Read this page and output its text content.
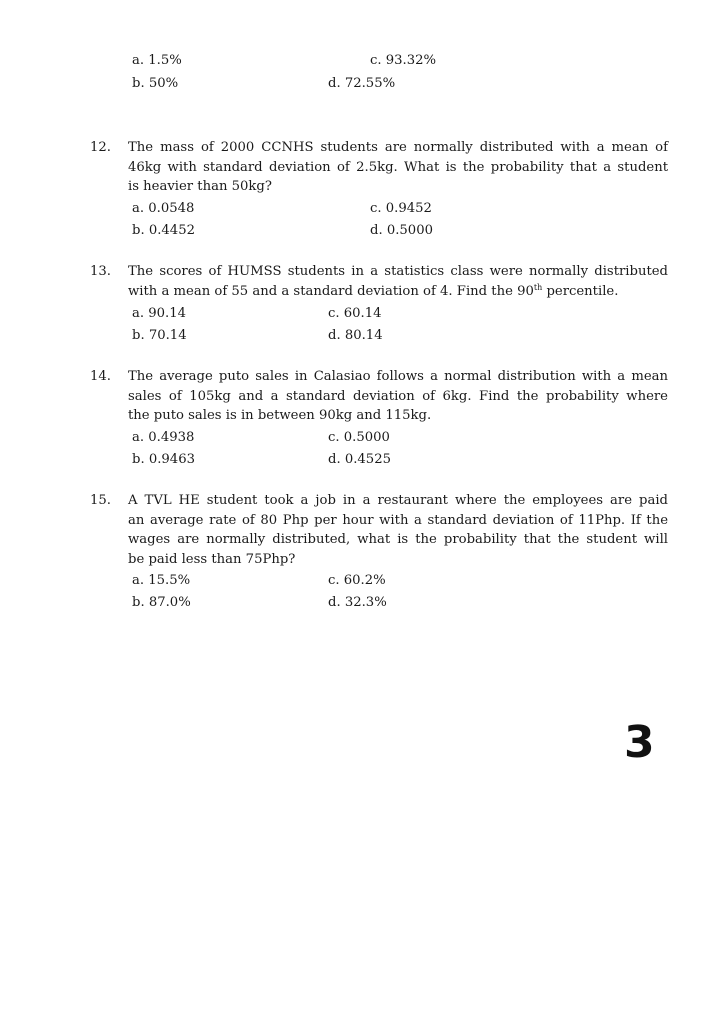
a. 1.5%
b. 50%
c. 93.32%
d. 72.55%
12. The mass of 2000 CCNHS students are normally distributed with a mean of
46kg with standard deviation of 2.5kg. What is the probability that a student
is heavier than 50kg?
a. 0.0548
b. 0.4452
c. 0.9452
d. 0.5000
13. The scores of HUMSS students in a statistics class were normally distributed
with a mean of 55 and a standard deviation of 4. Find the 90th percentile.
a. 90.14
b. 70.14
c. 60.14
d. 80.14
14. The average puto sales in Calasiao follows a normal distribution with a mean
sales of 105kg and a standard deviation of 6kg. Find the probability where
the puto sales is in between 90kg and 115kg.
a. 0.4938
b. 0.9463
c. 0.5000
d. 0.4525
15. A TVL HE student took a job in a restaurant where the employees are paid
an average rate of 80 Php per hour with a standard deviation of 11Php. If the
wages are normally distributed, what is the probability that the student will
be paid less than 75Php?
a. 15.5%
b. 87.0%
c. 60.2%
d. 32.3%
3
